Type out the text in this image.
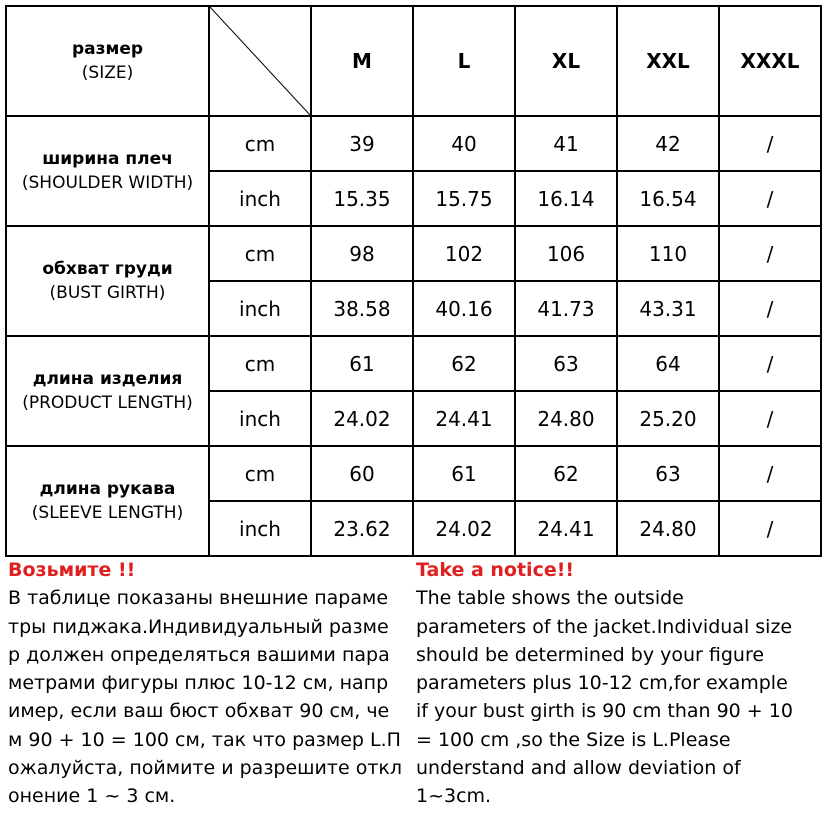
размер
(SIZE)		M	L	XL	XXL	XXXL

ширина плеч
(SHOULDER WIDTH)	cm	39	40	41	42	/
	inch	15.35	15.75	16.14	16.54	/

обхват груди
(BUST GIRTH)	cm	98	102	106	110	/
	inch	38.58	40.16	41.73	43.31	/

длина изделия
(PRODUCT LENGTH)	cm	61	62	63	64	/
	inch	24.02	24.41	24.80	25.20	/

длина рукава
(SLEEVE LENGTH)	cm	60	61	62	63	/
	inch	23.62	24.02	24.41	24.80	/
Возьмите !!
В таблице показаны внешние параме
тры пиджака.Индивидуальный разме
р должен определяться вашими пара
метрами фигуры плюс 10-12 см, напр
имер, если ваш бюст обхват 90 см, че
м 90 + 10 = 100 см, так что размер L.П
ожалуйста, поймите и разрешите откл
онение 1 ~ 3 см.
Take a notice!!
The table shows the outside
parameters of the jacket.Individual size
should be determined by your figure
parameters plus 10-12 cm,for example
if your bust girth is 90 cm than 90 + 10
= 100 cm ,so the Size is L.Please
understand and allow deviation of
1~3cm.
